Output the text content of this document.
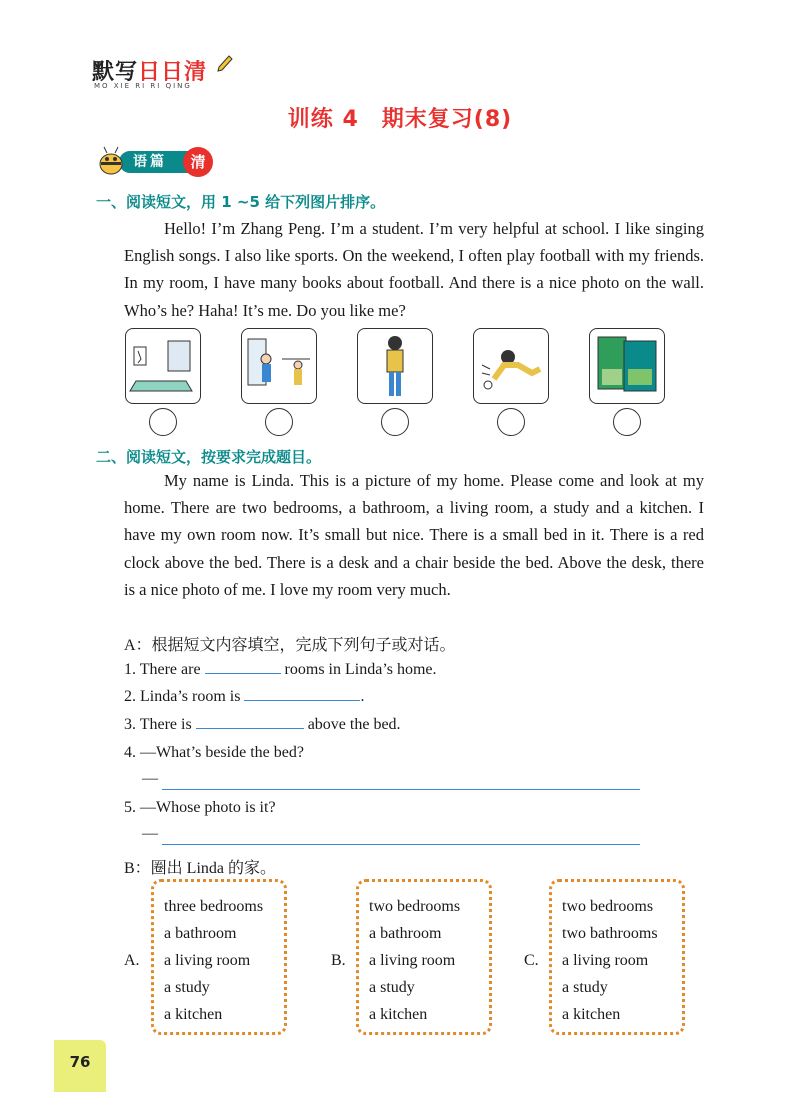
默写日日清
MO XIE RI RI QING
训练 4　期末复习(8)
语篇	清
一、阅读短文，用 1 ~5 给下列图片排序。
Hello! I’m Zhang Peng. I’m a student. I’m very helpful at school. I like singing English songs. I also like sports. On the weekend, I often play football with my friends. In my room, I have many books about football. And there is a nice photo on the wall. Who’s he? Haha! It’s me. Do you like me?
二、阅读短文，按要求完成题目。
My name is Linda. This is a picture of my home. Please come and look at my home. There are two bedrooms, a bathroom, a living room, a study and a kitchen. I have my own room now. It’s small but nice. There is a small bed in it. There is a red clock above the bed. There is a desk and a chair beside the bed. Above the desk, there is a nice photo of me. I love my room very much.
A：根据短文内容填空，完成下列句子或对话。
1. There are	rooms in Linda’s home.
2. Linda’s room is	.
3. There is	above the bed.
4. —What’s beside the bed?
—
5. —Whose photo is it?
—
B：圈出 Linda 的家。
A.
three bedrooms
a bathroom
a living room
a study
a kitchen
B.
two bedrooms
a bathroom
a living room
a study
a kitchen
C.
two bedrooms
two bathrooms
a living room
a study
a kitchen
76
